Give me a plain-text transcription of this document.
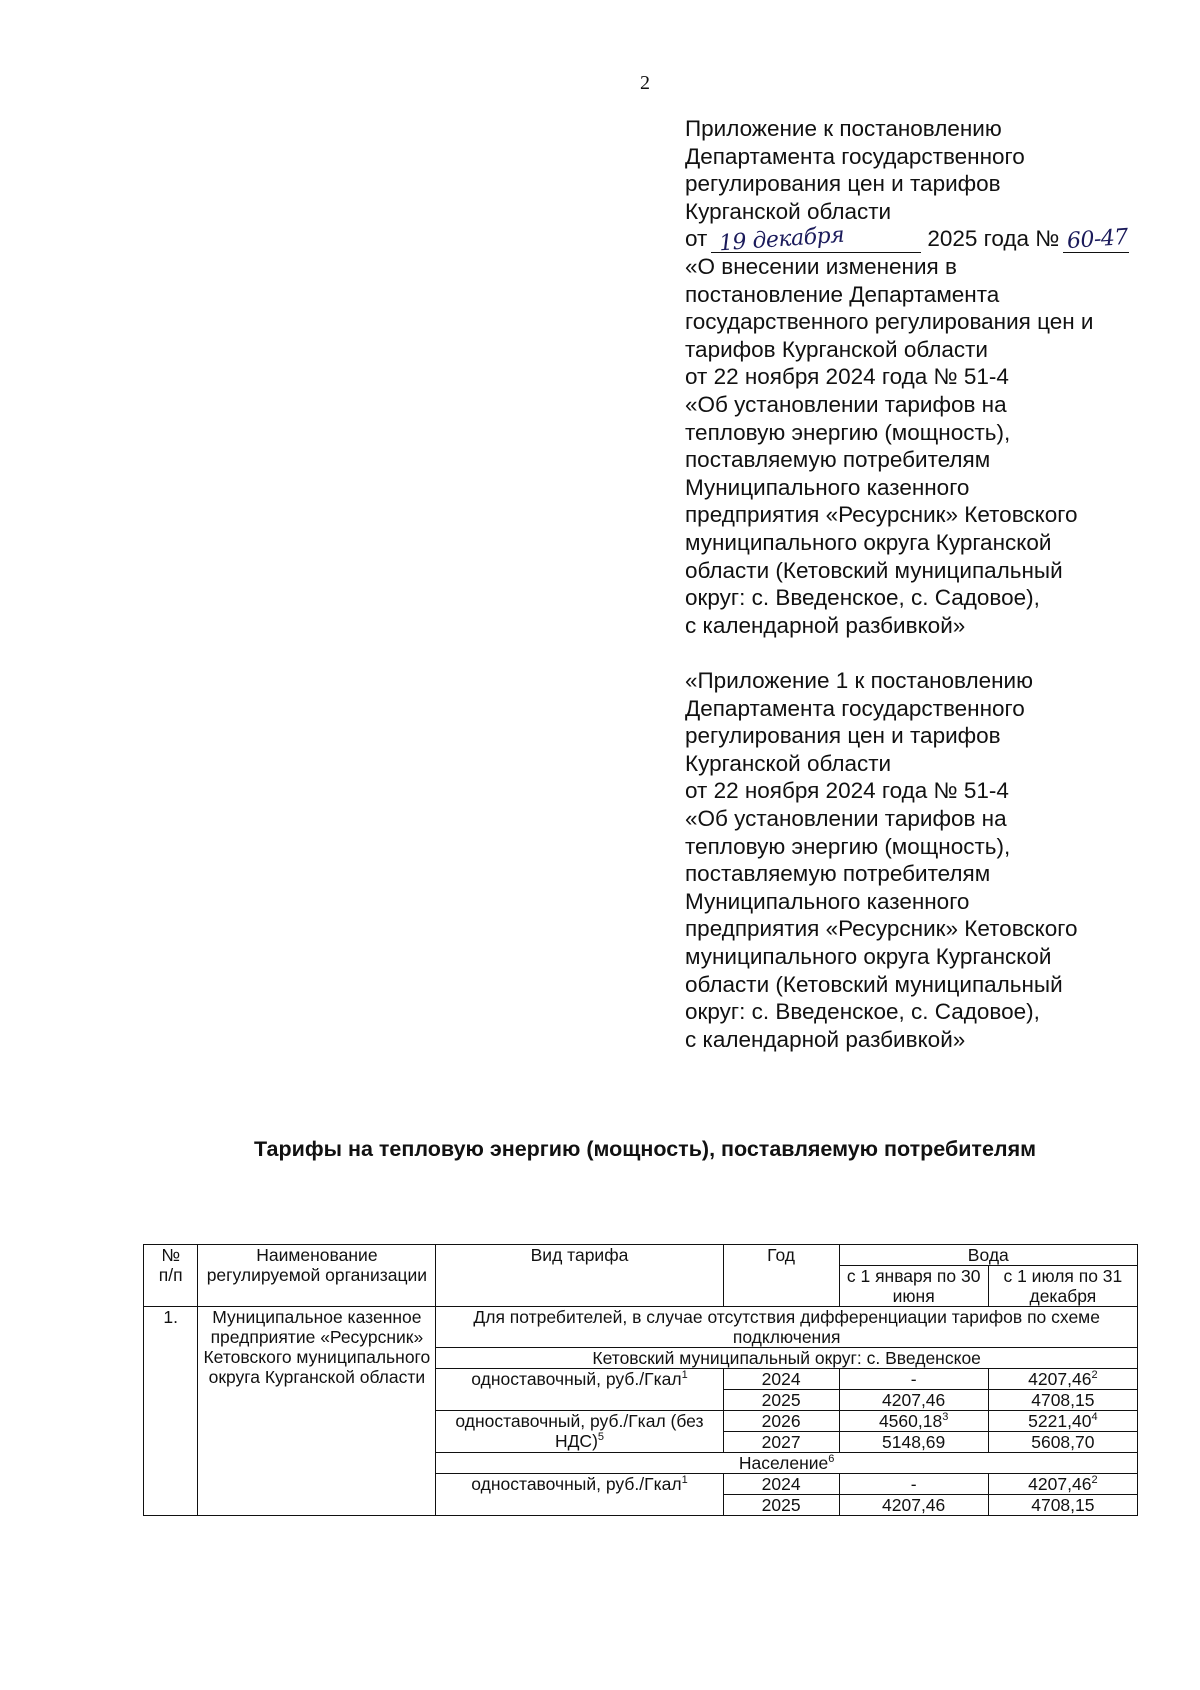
2
Приложение к постановлению
Департамента государственного
регулирования цен и тарифов
Курганской области
от 19 декабря	2025 года № 60-47
«О внесении изменения в
постановление Департамента
государственного регулирования цен и
тарифов Курганской области
от 22 ноября 2024 года № 51-4
«Об установлении тарифов на
тепловую энергию (мощность),
поставляемую потребителям
Муниципального казенного
предприятия «Ресурсник» Кетовского
муниципального округа Курганской
области (Кетовский муниципальный
округ: с. Введенское, с. Садовое),
с календарной разбивкой»
«Приложение 1 к постановлению
Департамента государственного
регулирования цен и тарифов
Курганской области
от 22 ноября 2024 года № 51-4
«Об установлении тарифов на
тепловую энергию (мощность),
поставляемую потребителям
Муниципального казенного
предприятия «Ресурсник» Кетовского
муниципального округа Курганской
области (Кетовский муниципальный
округ: с. Введенское, с. Садовое),
с календарной разбивкой»
Тарифы на тепловую энергию (мощность), поставляемую потребителям
№
п/п	Наименование регулируемой организации	Вид тарифа	Год	Вода	
				с 1 января по 30 июня	с 1 июля по 31 декабря
1.	Муниципальное казенное предприятие «Ресурсник» Кетовского муниципального округа Курганской области	Для потребителей, в случае отсутствия дифференциации тарифов по схеме подключения			
		Кетовский муниципальный округ: с. Введенское			
		одноставочный, руб./Гкал$^1$	2024	-	4207,46$^2$
			2025	4207,46	4708,15
		одноставочный, руб./Гкал (без НДС)$^5$	2026	4560,18$^3$	5221,40$^4$
			2027	5148,69	5608,70
		Население$^6$
		одноставочный, руб./Гкал$^1$	2024	-	4207,46$^2$
			2025	4207,46	4708,15
